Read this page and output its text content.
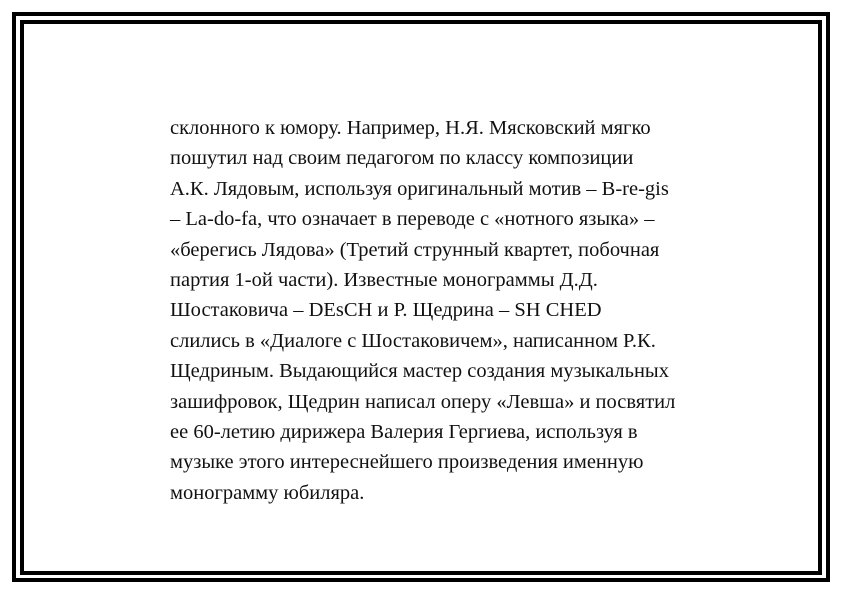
склонного к юмору. Например, Н.Я. Мясковский мягко
пошутил над своим педагогом по классу композиции
А.К. Лядовым, используя оригинальный мотив – B-re-gis
– La-do-fa, что означает в переводе с «нотного языка» –
«берегись Лядова» (Третий струнный квартет, побочная
партия 1-ой части). Известные монограммы Д.Д.
Шостаковича – DEsCH и Р. Щедрина – SH CHED
слились в «Диалоге с Шостаковичем», написанном Р.К.
Щедриным. Выдающийся мастер создания музыкальных
зашифровок, Щедрин написал оперу «Левша» и посвятил
ее 60-летию дирижера Валерия Гергиева, используя в
музыке этого интереснейшего произведения именную
монограмму юбиляра.
